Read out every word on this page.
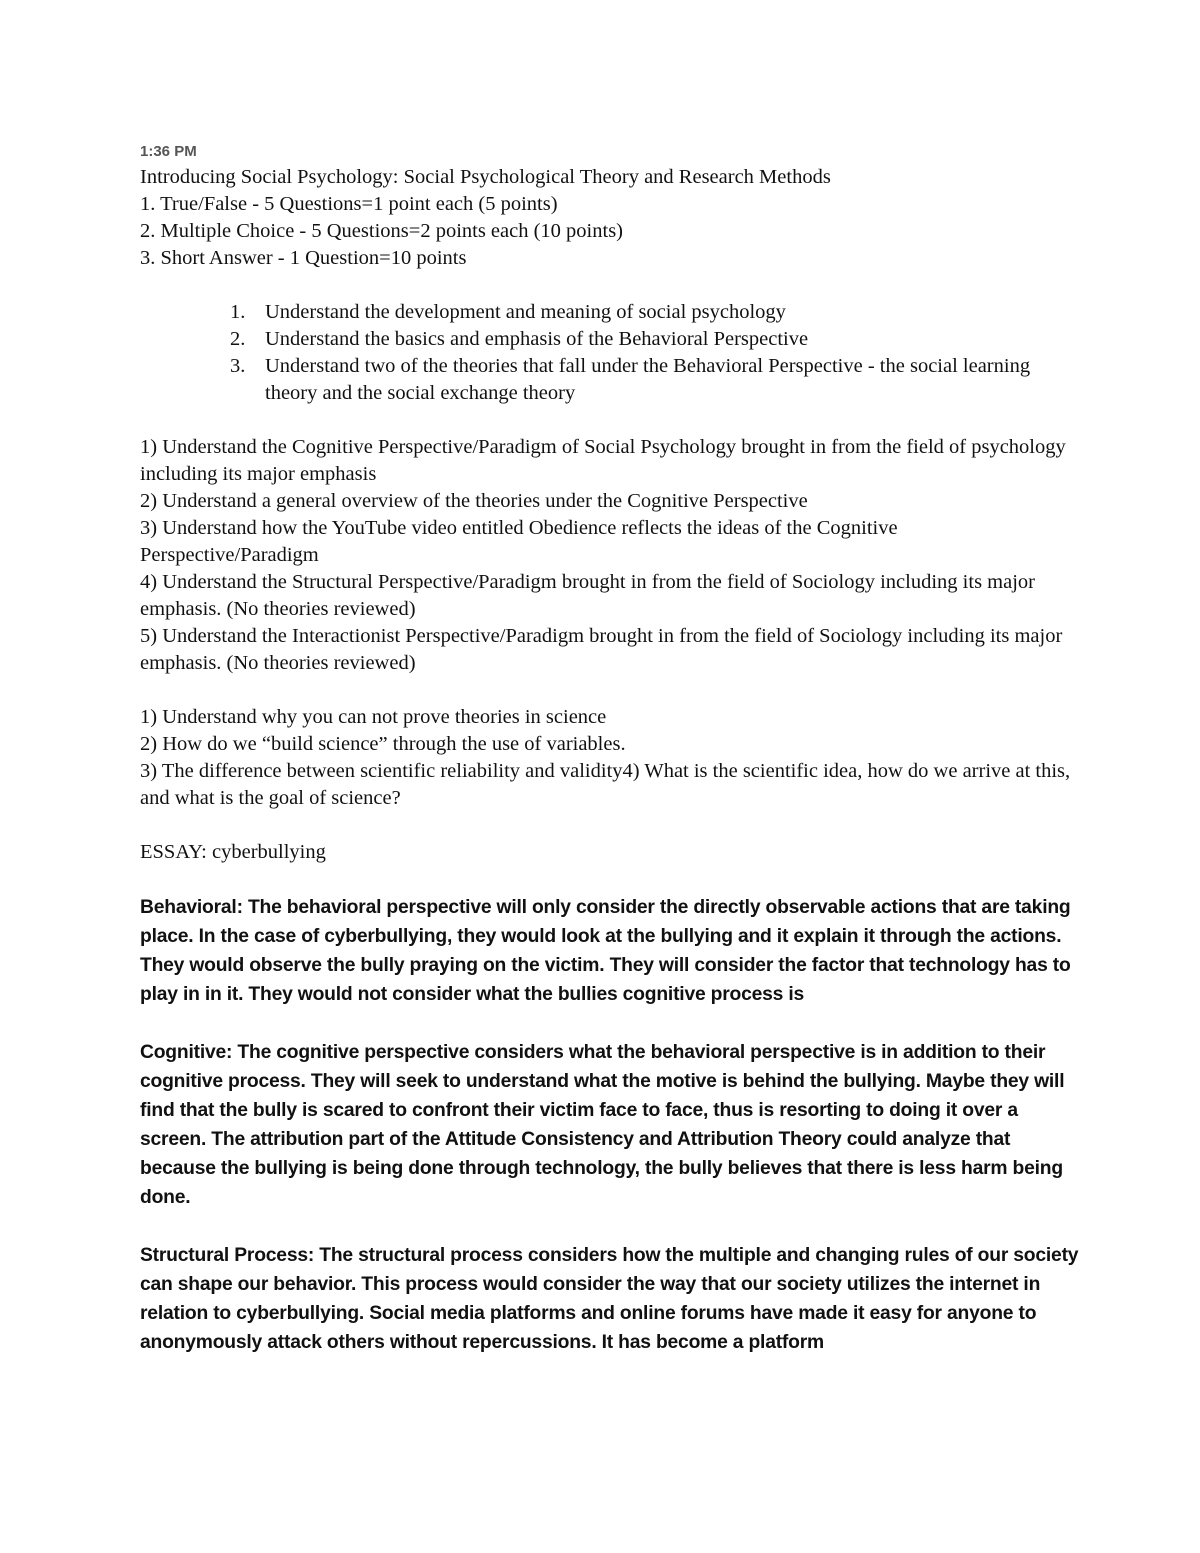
1:36 PM

Introducing Social Psychology: Social Psychological Theory and Research Methods

1. True/False - 5 Questions=1 point each (5 points)

2. Multiple Choice - 5 Questions=2 points each (10 points)

3. Short Answer - 1 Question=10 points

1. Understand the development and meaning of social psychology
2. Understand the basics and emphasis of the Behavioral Perspective
3. Understand two of the theories that fall under the Behavioral Perspective - the social learning theory and the social exchange theory

1) Understand the Cognitive Perspective/Paradigm of Social Psychology brought in from the field of psychology including its major emphasis

2) Understand a general overview of the theories under the Cognitive Perspective

3) Understand how the YouTube video entitled Obedience reflects the ideas of the Cognitive Perspective/Paradigm

4) Understand the Structural Perspective/Paradigm brought in from the field of Sociology including its major emphasis. (No theories reviewed)

5) Understand the Interactionist Perspective/Paradigm brought in from the field of Sociology including its major emphasis. (No theories reviewed)

1) Understand why you can not prove theories in science

2) How do we “build science” through the use of variables.

3) The difference between scientific reliability and validity4) What is the scientific idea, how do we arrive at this, and what is the goal of science?

ESSAY: cyberbullying

Behavioral: The behavioral perspective will only consider the directly observable actions that are taking place. In the case of cyberbullying, they would look at the bullying and it explain it through the actions. They would observe the bully praying on the victim. They will consider the factor that technology has to play in in it. They would not consider what the bullies cognitive process is

Cognitive: The cognitive perspective considers what the behavioral perspective is in addition to their cognitive process. They will seek to understand what the motive is behind the bullying. Maybe they will find that the bully is scared to confront their victim face to face, thus is resorting to doing it over a screen. The attribution part of the Attitude Consistency and Attribution Theory could analyze that because the bullying is being done through technology, the bully believes that there is less harm being done.

Structural Process: The structural process considers how the multiple and changing rules of our society can shape our behavior. This process would consider the way that our society utilizes the internet in relation to cyberbullying. Social media platforms and online forums have made it easy for anyone to anonymously attack others without repercussions. It has become a platform
